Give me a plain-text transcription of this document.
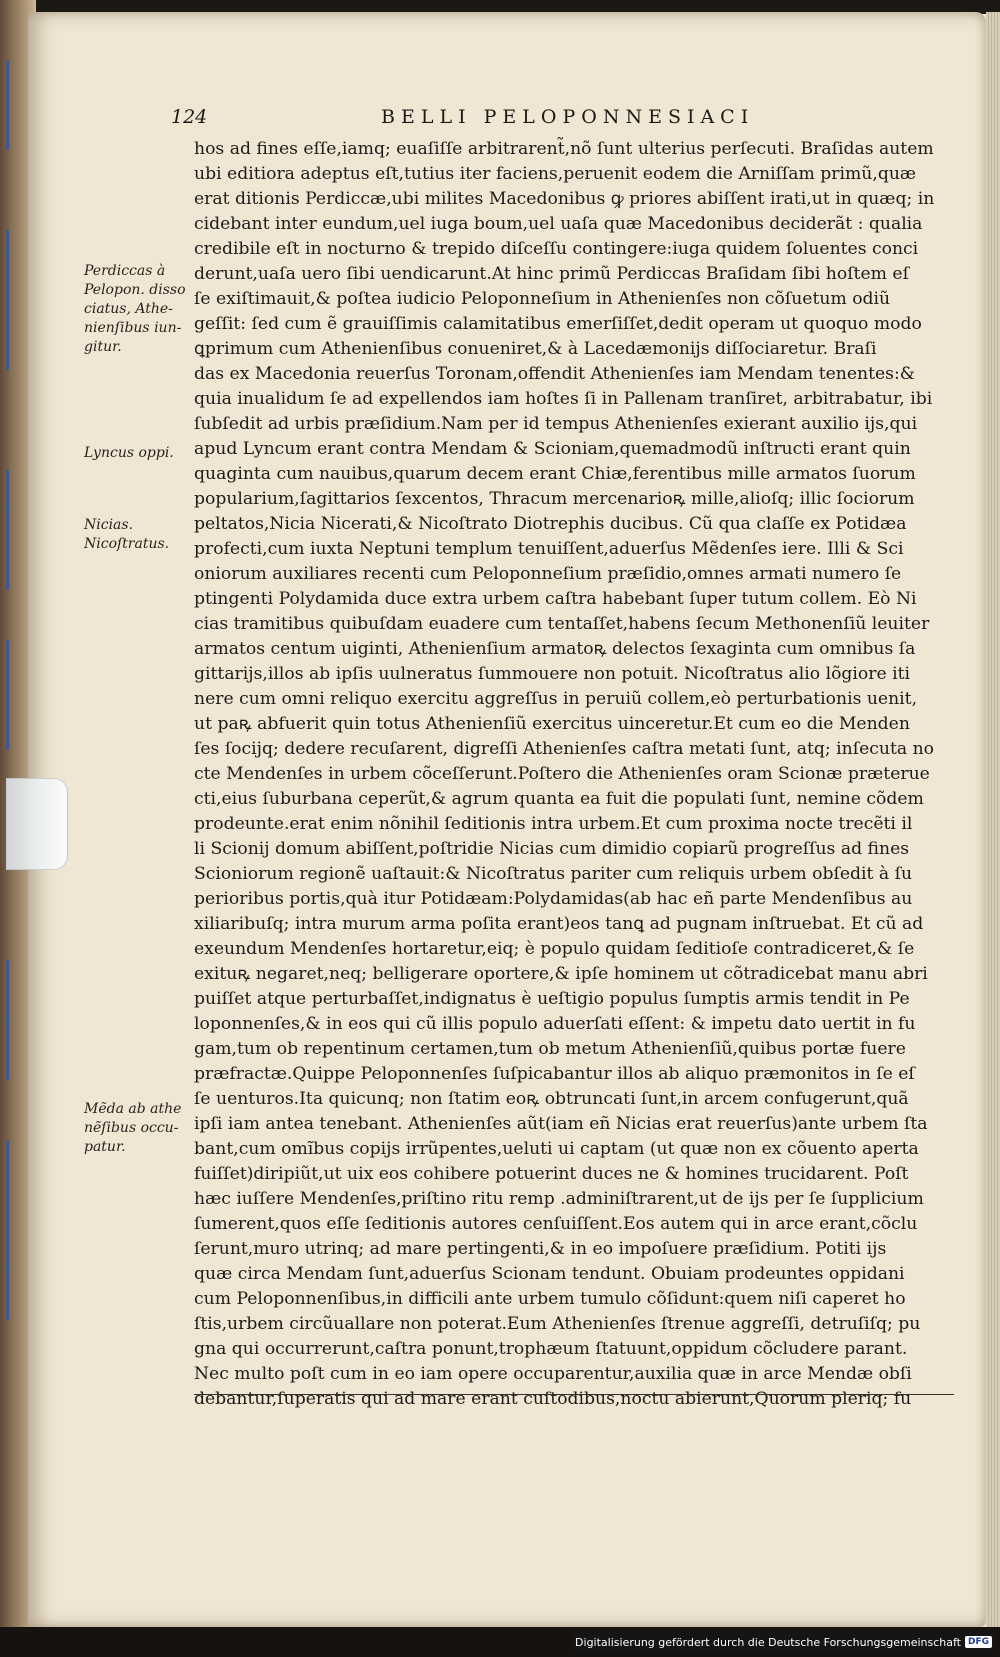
124	BELLI PELOPONNESIACI
Perdiccas à
Pelopon. disso
ciatus, Athe-
nienſibus iun-
gitur.
Lyncus oppi.
Nicias.
Nicoſtratus.
Mẽda ab athe
nẽſibus occu-
patur.
hos ad fines eſſe,iamq; euaſiſſe arbitrarent̃,nõ ſunt ulterius perſecuti. Braſidas autem
ubi editiora adeptus eſt,tutius iter faciens,peruenit eodem die Arniſſam primũ,quæ
erat ditionis Perdiccæ,ubi milites Macedonibus ꝙ priores abiſſent irati,ut in quæq; in
cidebant inter eundum,uel iuga boum,uel uaſa quæ Macedonibus deciderãt : qualia
credibile eſt in nocturno & trepido diſceſſu contingere:iuga quidem ſoluentes conci
derunt,uaſa uero ſibi uendicarunt.At hinc primũ Perdiccas Braſidam ſibi hoſtem eſ
ſe exiſtimauit,& poſtea iudicio Peloponneſium in Athenienſes non cõſuetum odiũ
geſſit: ſed cum ẽ grauiſſimis calamitatibus emerſiſſet,dedit operam ut quoquo modo
ꝗprimum cum Athenienſibus conueniret,& à Lacedæmonijs diſſociaretur. Braſi
das ex Macedonia reuerſus Toronam,offendit Athenienſes iam Mendam tenentes:&
quia inualidum ſe ad expellendos iam hoſtes ſi in Pallenam tranſiret, arbitrabatur, ibi
ſubſedit ad urbis præſidium.Nam per id tempus Athenienſes exierant auxilio ijs,qui
apud Lyncum erant contra Mendam & Scioniam,quemadmodũ inſtructi erant quin
quaginta cum nauibus,quarum decem erant Chiæ,ferentibus mille armatos ſuorum
popularium,ſagittarios ſexcentos, Thracum mercenarioꝶ mille,alioſq; illic ſociorum
peltatos,Nicia Nicerati,& Nicoſtrato Diotrephis ducibus. Cũ qua claſſe ex Potidæa
profecti,cum iuxta Neptuni templum tenuiſſent,aduerſus Mẽdenſes iere. Illi & Sci
oniorum auxiliares recenti cum Peloponneſium præſidio,omnes armati numero ſe
ptingenti Polydamida duce extra urbem caſtra habebant ſuper tutum collem. Eò Ni
cias tramitibus quibuſdam euadere cum tentaſſet,habens ſecum Methonenſiũ leuiter
armatos centum uiginti, Athenienſium armatoꝶ delectos ſexaginta cum omnibus ſa
gittarijs,illos ab ipſis uulneratus ſummouere non potuit. Nicoſtratus alio lõgiore iti
nere cum omni reliquo exercitu aggreſſus in peruiũ collem,eò perturbationis uenit,
ut paꝶ abfuerit quin totus Athenienſiũ exercitus uinceretur.Et cum eo die Menden
ſes ſocijq; dedere recuſarent, digreſſi Athenienſes caſtra metati ſunt, atq; inſecuta no
cte Mendenſes in urbem cõceſſerunt.Poſtero die Athenienſes oram Scionæ præterue
cti,eius ſuburbana ceperũt,& agrum quanta ea fuit die populati ſunt, nemine cõdem
prodeunte.erat enim nõnihil ſeditionis intra urbem.Et cum proxima nocte trecẽti il
li Scionij domum abiſſent,poſtridie Nicias cum dimidio copiarũ progreſſus ad fines
Scioniorum regionẽ uaſtauit:& Nicoſtratus pariter cum reliquis urbem obſedit à ſu
perioribus portis,quà itur Potidæam:Polydamidas(ab hac eñ parte Mendenſibus au
xiliaribuſq; intra murum arma poſita erant)eos tanꝗ ad pugnam inſtruebat. Et cũ ad
exeundum Mendenſes hortaretur,eiq; è populo quidam ſeditioſe contradiceret,& ſe
exituꝶ negaret,neq; belligerare oportere,& ipſe hominem ut cõtradicebat manu abri
puiſſet atque perturbaſſet,indignatus è ueſtigio populus ſumptis armis tendit in Pe
loponnenſes,& in eos qui cũ illis populo aduerſati eſſent: & impetu dato uertit in fu
gam,tum ob repentinum certamen,tum ob metum Athenienſiũ,quibus portæ fuere
præfractæ.Quippe Peloponnenſes ſuſpicabantur illos ab aliquo præmonitos in ſe eſ
ſe uenturos.Ita quicunq; non ſtatim eoꝶ obtruncati ſunt,in arcem confugerunt,quã
ipſi iam antea tenebant. Athenienſes aũt(iam eñ Nicias erat reuerſus)ante urbem ſta
bant,cum omĩbus copijs irrũpentes,ueluti ui captam (ut quæ non ex cõuento aperta
fuiſſet)diripiũt,ut uix eos cohibere potuerint duces ne & homines trucidarent. Poſt
hæc iuſſere Mendenſes,priſtino ritu remp .adminiſtrarent,ut de ijs per ſe ſupplicium
ſumerent,quos eſſe ſeditionis autores cenſuiſſent.Eos autem qui in arce erant,cõclu
ſerunt,muro utrinq; ad mare pertingenti,& in eo impoſuere præſidium. Potiti ijs
quæ circa Mendam ſunt,aduerſus Scionam tendunt. Obuiam prodeuntes oppidani
cum Peloponnenſibus,in difficili ante urbem tumulo cõſidunt:quem niſi caperet ho
ſtis,urbem circũuallare non poterat.Eum Athenienſes ſtrenue aggreſſi, detruſiſq; pu
gna qui occurrerunt,caſtra ponunt,trophæum ſtatuunt,oppidum cõcludere parant.
Nec multo poſt cum in eo iam opere occuparentur,auxilia quæ in arce Mendæ obſi
debantur,ſuperatis qui ad mare erant cuſtodibus,noctu abierunt,Quorum pleriq; fu
Digitalisierung gefördert durch die Deutsche Forschungsgemeinschaft DFG
